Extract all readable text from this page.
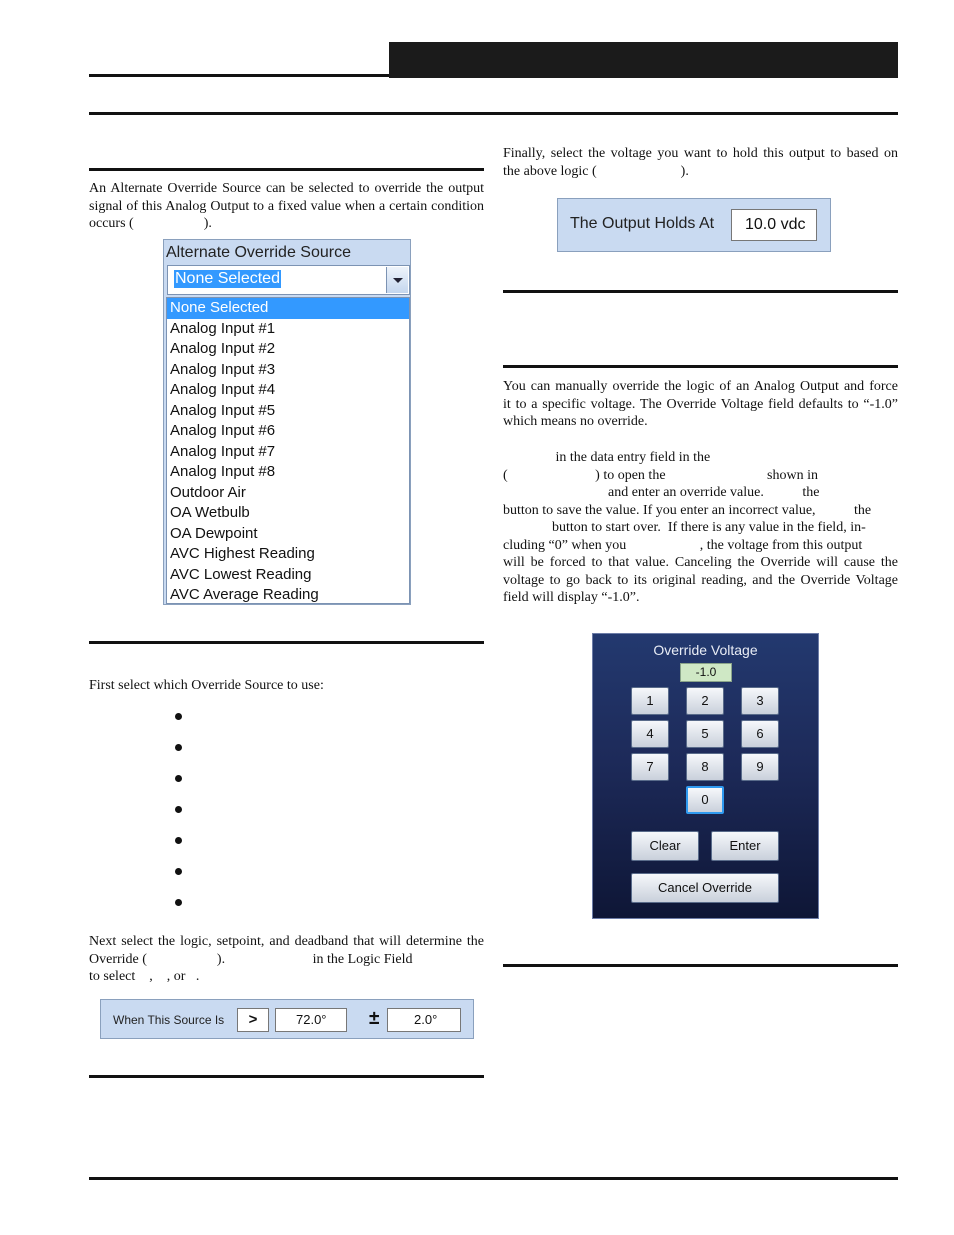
An Alternate Override Source can be selected to override the output
signal of this Analog Output to a fixed value when a certain condition
occurs (                    ).
Alternate Override Source
None Selected
None Selected
Analog Input #1
Analog Input #2
Analog Input #3
Analog Input #4
Analog Input #5
Analog Input #6
Analog Input #7
Analog Input #8
Outdoor Air
OA Wetbulb
OA Dewpoint
AVC Highest Reading
AVC Lowest Reading
AVC Average Reading
First select which Override Source to use:
Next select the logic, setpoint, and deadband that will determine the
Override (                    ).                         in the Logic Field
to select    ,    , or   .
When This Source Is	>	72.0°	±	2.0°
Finally, select the voltage you want to hold this output to based on
the above logic (                        ).
The Output Holds At	10.0 vdc
You can manually override the logic of an Analog Output and force
it to a specific voltage. The Override Voltage field defaults to “-1.0”
which means no override.
in the data entry field in the
(                         ) to open the                             shown in
and enter an override value.           the
button to save the value. If you enter an incorrect value,           the
button to start over.  If there is any value in the field, in-
cluding “0” when you                     , the voltage from this output
will be forced to that value. Canceling the Override will cause the
voltage to go back to its original reading, and the Override Voltage
field will display “-1.0”.
Override Voltage
-1.0
1	2	3
4	5	6
7	8	9
0
Clear	Enter
Cancel Override
